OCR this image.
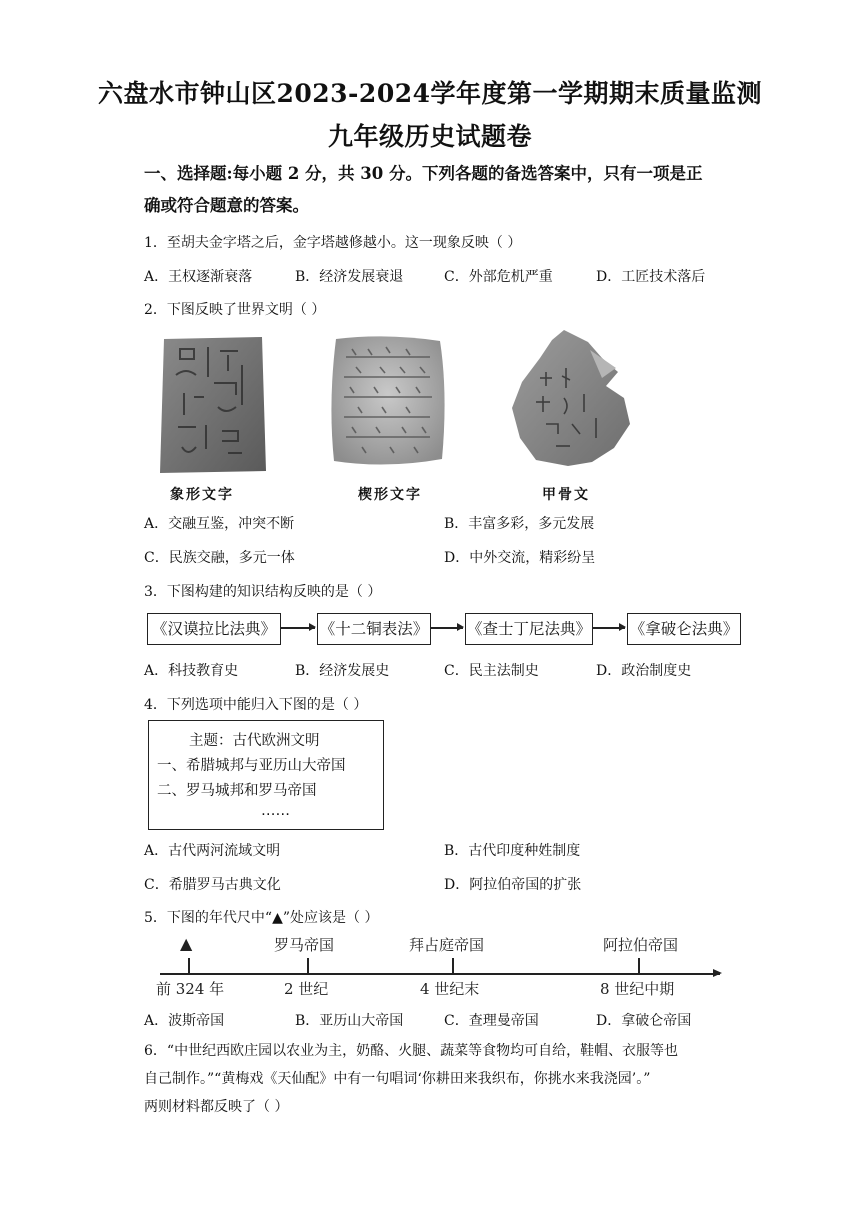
六盘水市钟山区2023-2024学年度第一学期期末质量监测
九年级历史试题卷
一、选择题:每小题 2 分，共 30 分。下列各题的备选答案中，只有一项是正
确或符合题意的答案。
1．至胡夫金字塔之后，金字塔越修越小。这一现象反映（ ）
A．王权逐渐衰落	B．经济发展衰退	C．外部危机严重	D．工匠技术落后
2．下图反映了世界文明（ ）
象形文字	楔形文字	甲骨文
A．交融互鉴，冲突不断	B．丰富多彩，多元发展
C．民族交融，多元一体	D．中外交流，精彩纷呈
3．下图构建的知识结构反映的是（ ）
《汉谟拉比法典》	《十二铜表法》 《查士丁尼法典》 《拿破仑法典》
A．科技教育史	B．经济发展史	C．民主法制史	D．政治制度史
4．下列选项中能归入下图的是（ ）
主题：古代欧洲文明
一、希腊城邦与亚历山大帝国
二、罗马城邦和罗马帝国
……
A．古代两河流域文明	B．古代印度种姓制度
C．希腊罗马古典文化	D．阿拉伯帝国的扩张
5．下图的年代尺中“▲”处应该是（ ）
▲	罗马帝国	拜占庭帝国	阿拉伯帝国
前 324 年	2 世纪	4 世纪末	8 世纪中期
A．波斯帝国	B．亚历山大帝国	C．查理曼帝国	D．拿破仑帝国
6．“中世纪西欧庄园以农业为主，奶酪、火腿、蔬菜等食物均可自给，鞋帽、衣服等也
自己制作。”“黄梅戏《天仙配》中有一句唱词‘你耕田来我织布，你挑水来我浇园’。”
两则材料都反映了（ ）
